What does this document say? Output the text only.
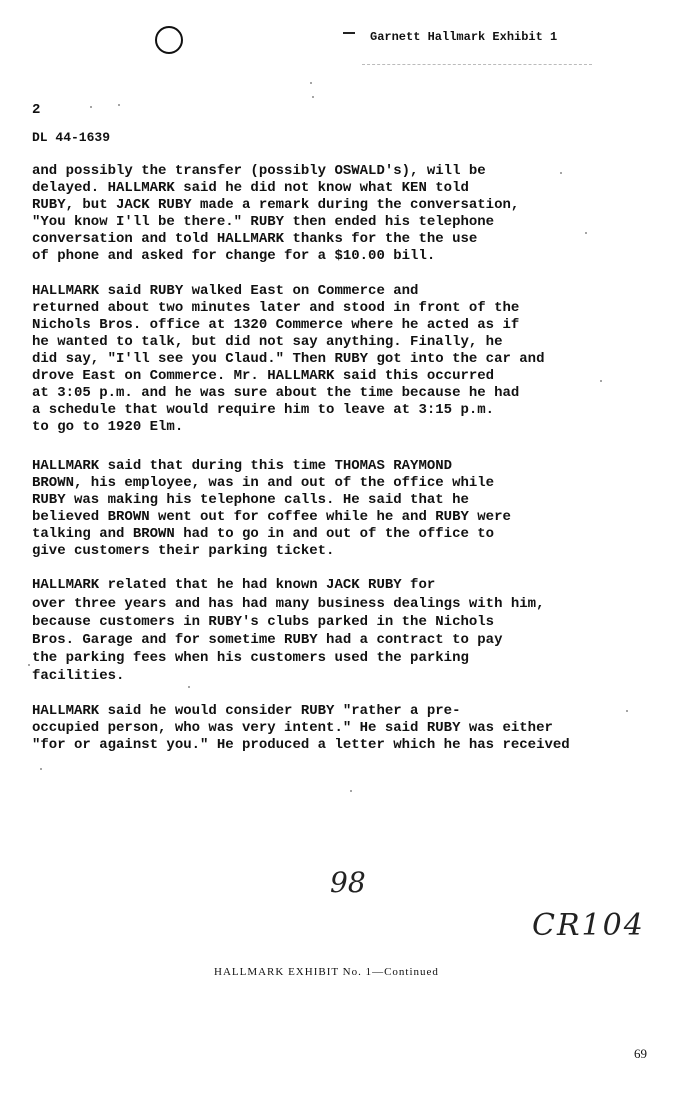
Garnett Hallmark Exhibit 1
2
DL 44-1639
and possibly the transfer (possibly OSWALD's), will be
delayed. HALLMARK said he did not know what KEN told
RUBY, but JACK RUBY made a remark during the conversation,
"You know I'll be there." RUBY then ended his telephone
conversation and told HALLMARK thanks for the the use
of phone and asked for change for a $10.00 bill.
HALLMARK said RUBY walked East on Commerce and
returned about two minutes later and stood in front of the
Nichols Bros. office at 1320 Commerce where he acted as if
he wanted to talk, but did not say anything. Finally, he
did say, "I'll see you Claud." Then RUBY got into the car and
drove East on Commerce. Mr. HALLMARK said this occurred
at 3:05 p.m. and he was sure about the time because he had
a schedule that would require him to leave at 3:15 p.m.
to go to 1920 Elm.
HALLMARK said that during this time THOMAS RAYMOND
BROWN, his employee, was in and out of the office while
RUBY was making his telephone calls. He said that he
believed BROWN went out for coffee while he and RUBY were
talking and BROWN had to go in and out of the office to
give customers their parking ticket.
HALLMARK related that he had known JACK RUBY for
over three years and has had many business dealings with him,
because customers in RUBY's clubs parked in the Nichols
Bros. Garage and for sometime RUBY had a contract to pay
the parking fees when his customers used the parking
facilities.
HALLMARK said he would consider RUBY "rather a pre-
occupied person, who was very intent." He said RUBY was either
"for or against you." He produced a letter which he has received
98
CR104
HALLMARK EXHIBIT No. 1—Continued
69
